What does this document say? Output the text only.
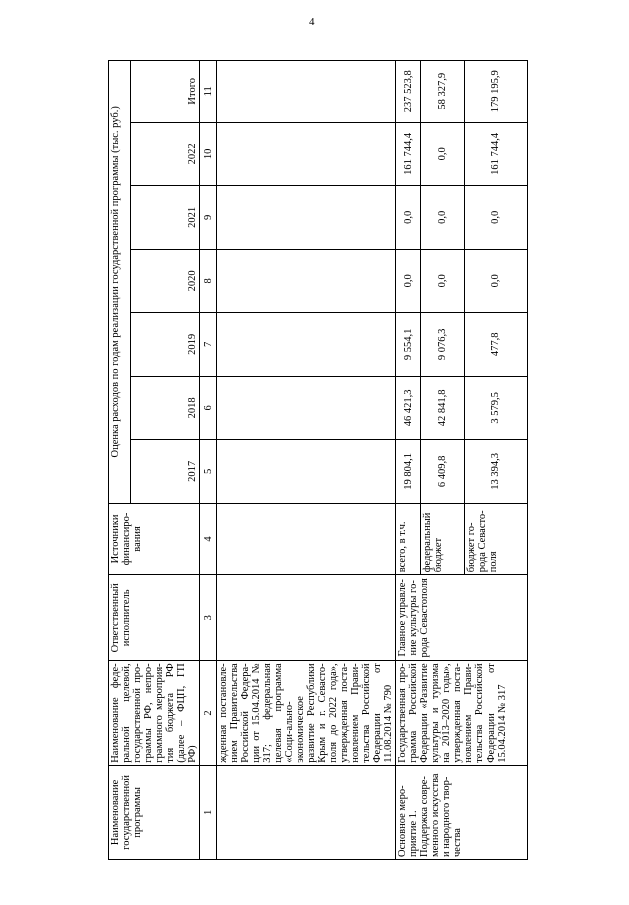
4
Наименование государственной программы	Наименование феде-ральной целевой, государственной про-граммы РФ, непро-граммного мероприя-тия бюджета РФ (далее – ФЦП, ГП РФ)	Ответственный исполнитель	Источники финансиро-вания	Оценка расходов по годам реализации государственной программы (тыс. руб.)						
				2017	2018	2019	2020	2021	2022	Итого
1	2	3	4	5	6	7	8	9	10	11
	жденная постановле-нием Правительства Российской Федера-ции от 15.04.2014 № 317; федеральная целевая программа «Соци-ально-экономическое развитие Республики Крым и г. Севасто-поля до 2022 года», утвержденная поста-новлением Прави-тельства Российской Федерации от 11.08.2014 № 790									
Основное меро-приятие 1. Поддержка совре-менного искусства и народного твор-чества	Государственная про-грамма Российской Федерации «Развитие культуры и туризма на 2013–2020 годы», утвержденная поста-новлением Прави-тельства Российской Федерации от 15.04.2014 № 317	Главное управле-ние культуры го-рода Севастополя	всего, в т.ч.	19 804,1	46 421,3	9 554,1	0,0	0,0	161 744,4	237 523,8
			федеральный бюджет	6 409,8	42 841,8	9 076,3	0,0	0,0	0,0	58 327,9
			бюджет го-рода Севасто-поля	13 394,3	3 579,5	477,8	0,0	0,0	161 744,4	179 195,9
